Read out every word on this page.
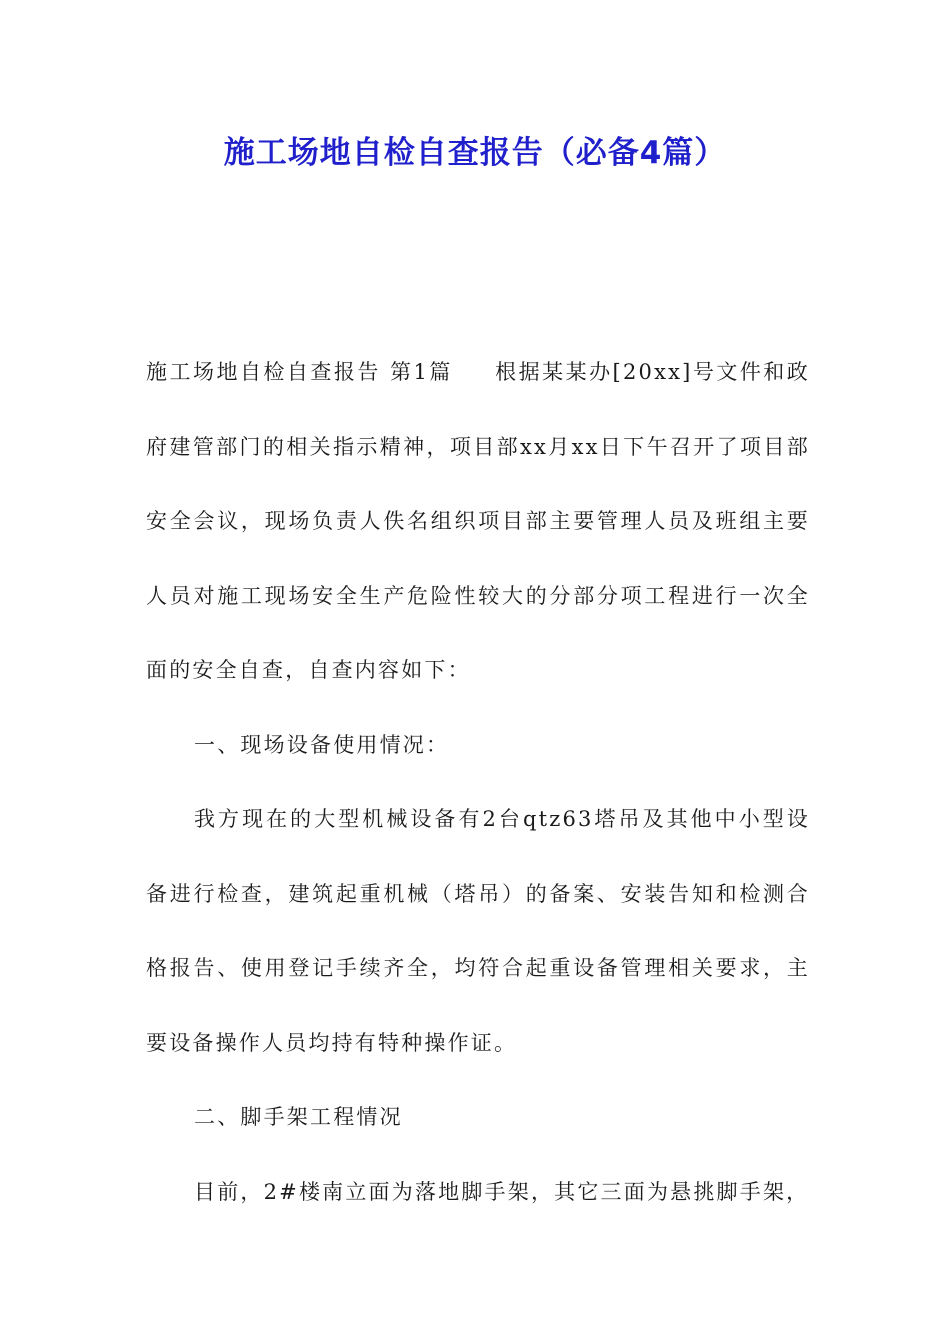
施工场地自检自查报告（必备4篇）

施工场地自检自查报告 第1篇 根据某某办[20xx]号文件和政府建管部门的相关指示精神，项目部xx月xx日下午召开了项目部安全会议，现场负责人佚名组织项目部主要管理人员及班组主要人员对施工现场安全生产危险性较大的分部分项工程进行一次全面的安全自查，自查内容如下：

一、现场设备使用情况：

我方现在的大型机械设备有2台qtz63塔吊及其他中小型设备进行检查，建筑起重机械（塔吊）的备案、安装告知和检测合格报告、使用登记手续齐全，均符合起重设备管理相关要求，主要设备操作人员均持有特种操作证。

二、脚手架工程情况

目前，2#楼南立面为落地脚手架，其它三面为悬挑脚手架，
